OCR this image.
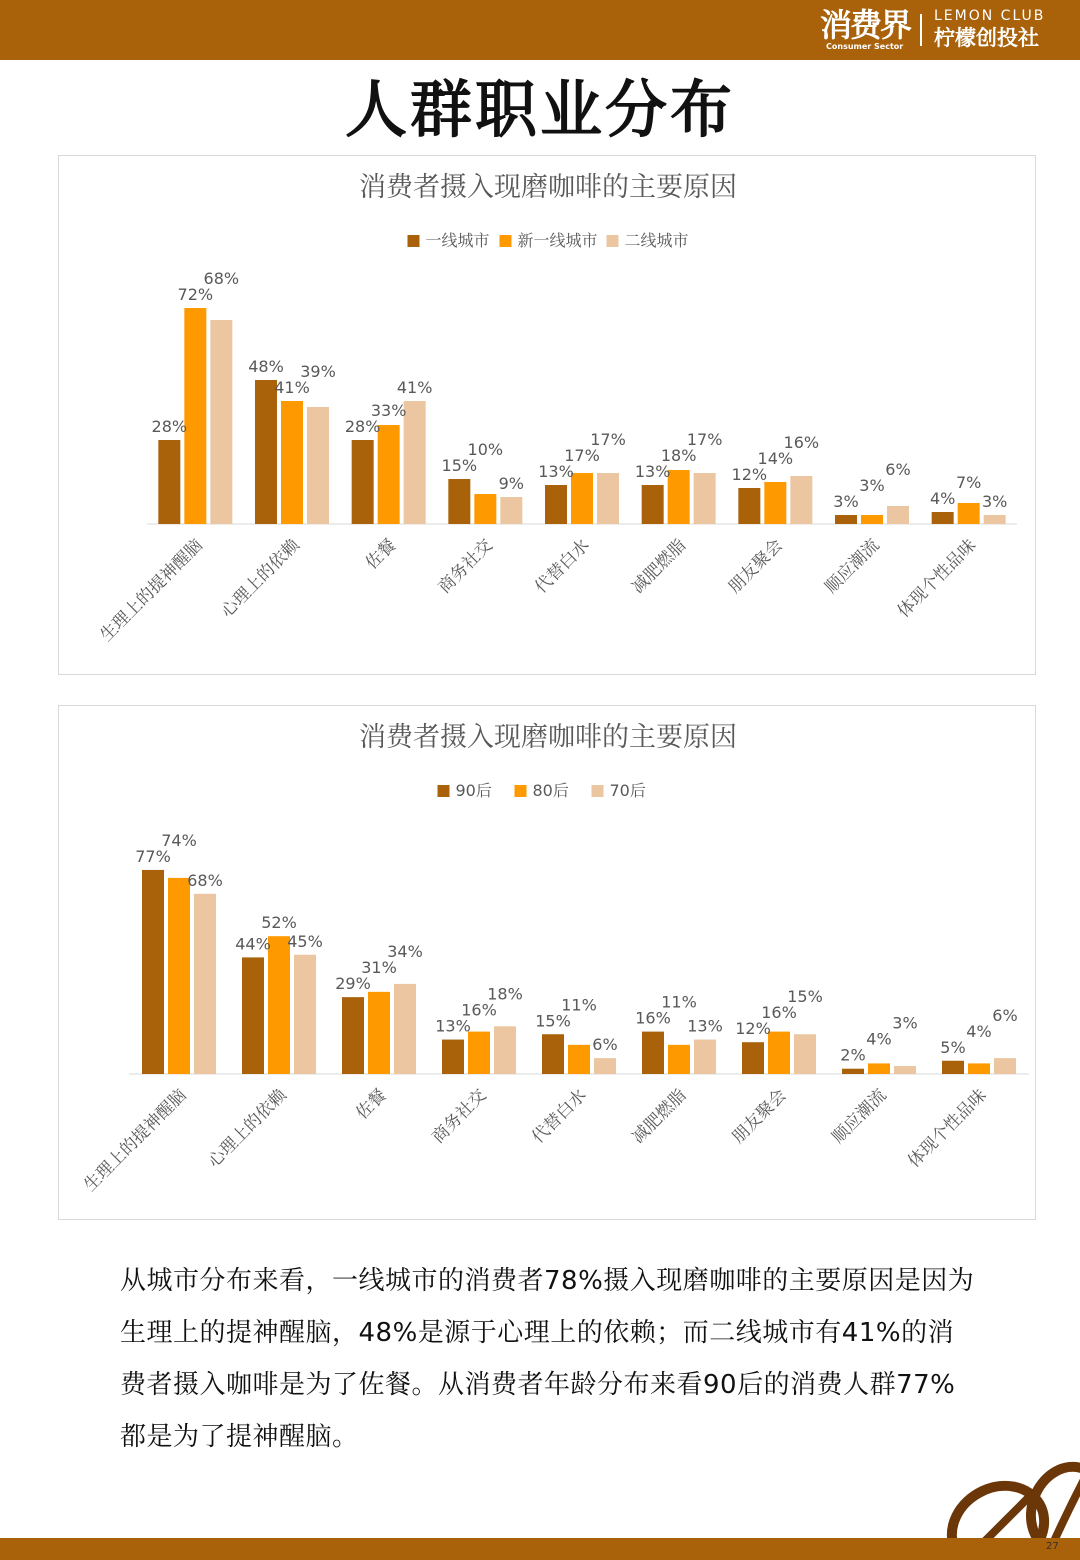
消费界
Consumer Sector
LEMON CLUB
柠檬创投社
人群职业分布
消费者摄入现磨咖啡的主要原因
一线城市 新一线城市 二线城市
28%
72%
68%
生理上的提神醒脑
48%
41%
39%
心理上的依赖
28%
33%
41%
佐餐
15%
10%
9%
商务社交
13%
17%
17%
代替白水
13%
18%
17%
减肥燃脂
12%
14%
16%
朋友聚会
3%
3%
6%
顺应潮流
4%
7%
3%
体现个性品味
消费者摄入现磨咖啡的主要原因
90后	80后	70后
77%
74%
68%
生理上的提神醒脑
44%
52%
45%
心理上的依赖
29%
31%
34%
佐餐
13%
16%
18%
商务社交
15%
11%
6%
代替白水
16%
11%
13%
减肥燃脂
12%
16%
15%
朋友聚会
2%
4%
3%
顺应潮流
5%
4%
6%
体现个性品味
从城市分布来看，一线城市的消费者78%摄入现磨咖啡的主要原因是因为生理上的提神醒脑，48%是源于心理上的依赖；而二线城市有41%的消费者摄入咖啡是为了佐餐。从消费者年龄分布来看90后的消费人群77%都是为了提神醒脑。
27
